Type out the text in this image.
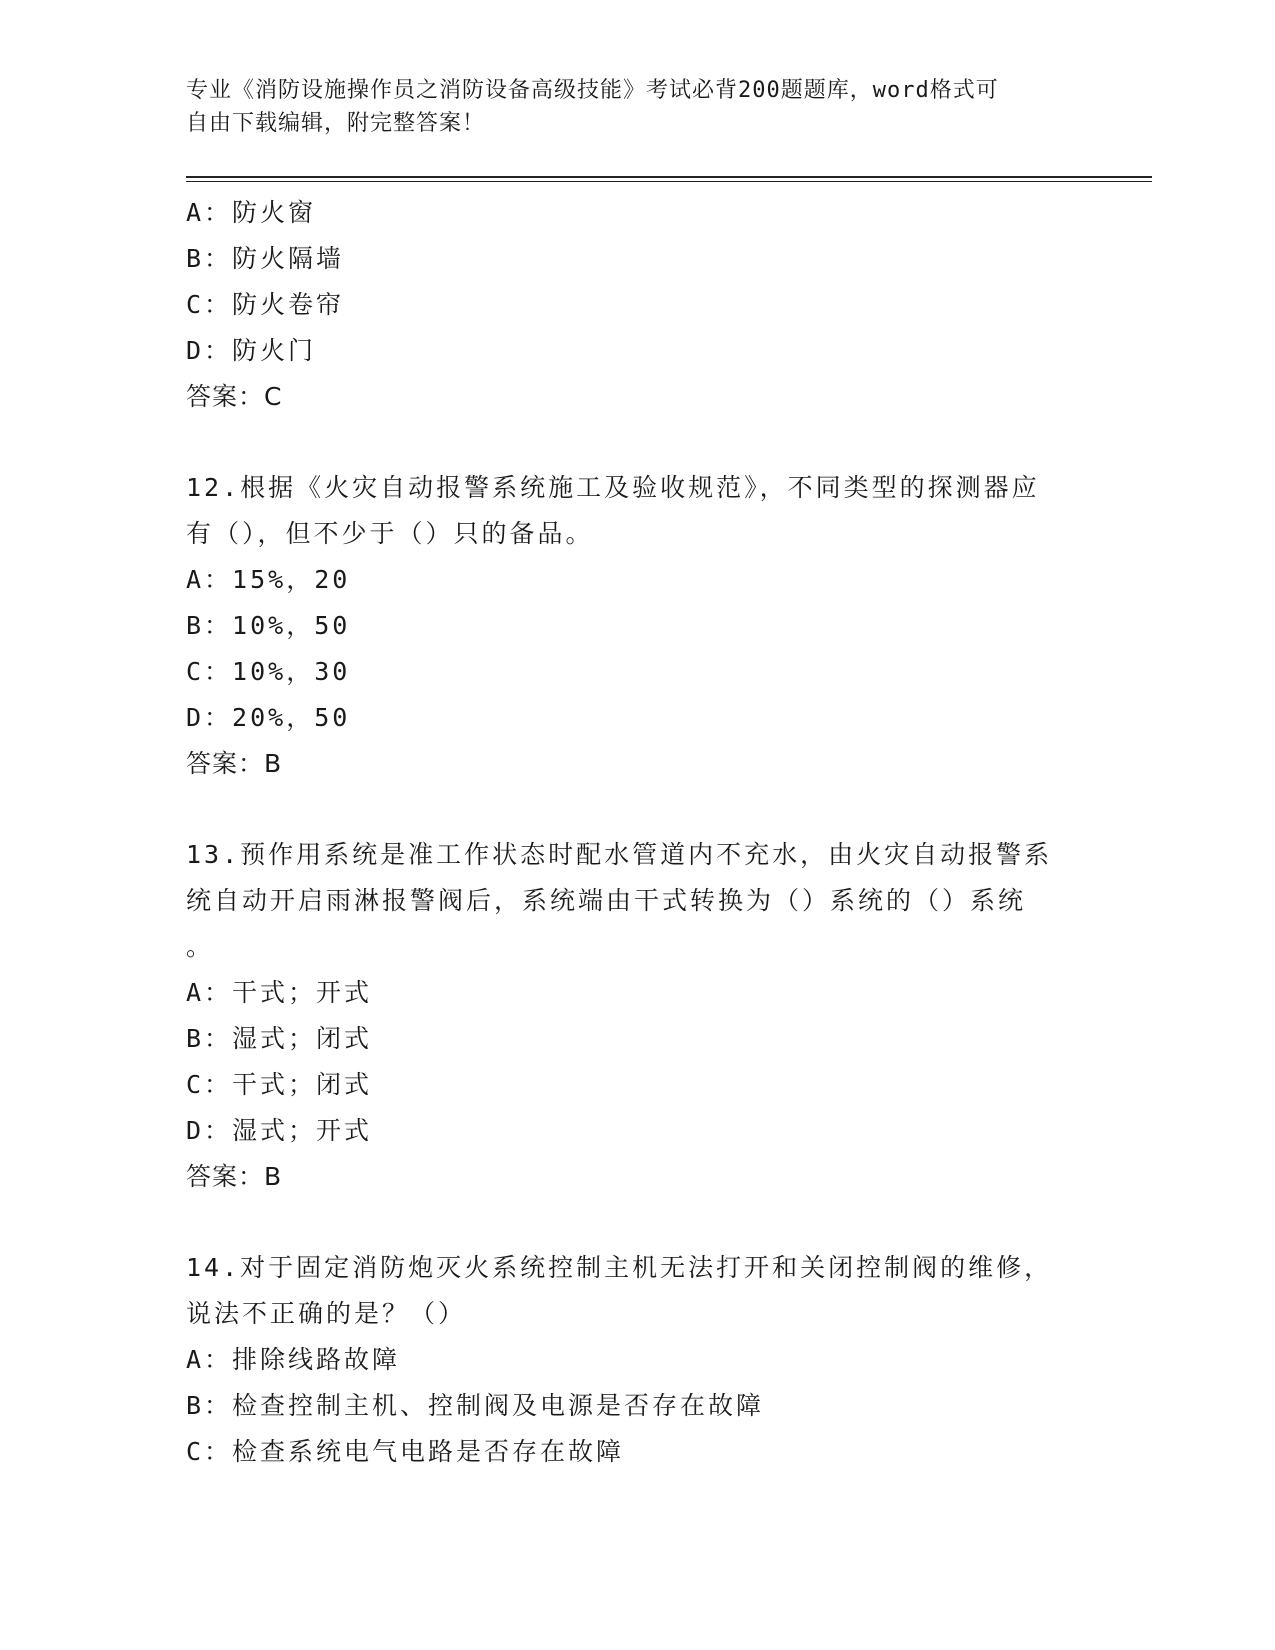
专业《消防设施操作员之消防设备高级技能》考试必背200题题库，word格式可
自由下载编辑，附完整答案！
A：防火窗
B：防火隔墙
C：防火卷帘
D：防火门
答案：C
12.根据《火灾自动报警系统施工及验收规范》，不同类型的探测器应
有（），但不少于（）只的备品。
A：15%，20
B：10%，50
C：10%，30
D：20%，50
答案：B
13.预作用系统是准工作状态时配水管道内不充水，由火灾自动报警系
统自动开启雨淋报警阀后，系统端由干式转换为（）系统的（）系统
。
A：干式；开式
B：湿式；闭式
C：干式；闭式
D：湿式；开式
答案：B
14.对于固定消防炮灭火系统控制主机无法打开和关闭控制阀的维修，
说法不正确的是？（）
A：排除线路故障
B：检查控制主机、控制阀及电源是否存在故障
C：检查系统电气电路是否存在故障
